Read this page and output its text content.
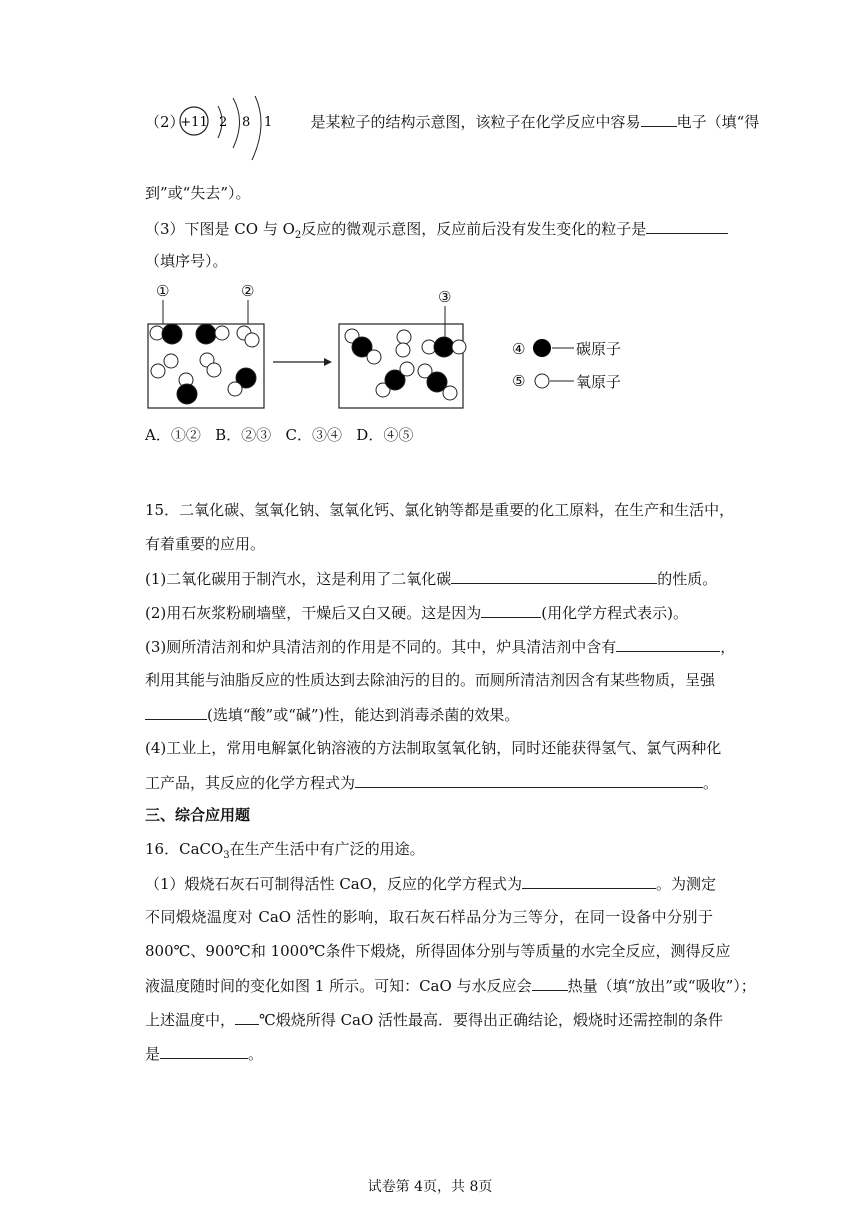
（2）	是某粒子的结构示意图，该粒子在化学反应中容易 电子（填“得
+11 2 8 1
到”或“失去”）。
（3）下图是 CO 与 $O_2$反应的微观示意图，反应前后没有发生变化的粒子是
（填序号）。
①	②	③
④	碳原子
⑤	氧原子
A．①② B．②③ C．③④ D．④⑤
15．二氧化碳、氢氧化钠、氢氧化钙、氯化钠等都是重要的化工原料，在生产和生活中，
有着重要的应用。
(1)二氧化碳用于制汽水，这是利用了二氧化碳	的性质。
(2)用石灰浆粉刷墙壁，干燥后又白又硬。这是因为	(用化学方程式表示)。
(3)厕所清洁剂和炉具清洁剂的作用是不同的。其中，炉具清洁剂中含有	，
利用其能与油脂反应的性质达到去除油污的目的。而厕所清洁剂因含有某些物质，呈强
(选填“酸”或“碱”)性，能达到消毒杀菌的效果。
(4)工业上，常用电解氯化钠溶液的方法制取氢氧化钠，同时还能获得氢气、氯气两种化
工产品，其反应的化学方程式为	。
三、综合应用题
16．CaCO$_3$在生产生活中有广泛的用途。
（1）煅烧石灰石可制得活性 CaO，反应的化学方程式为	。为测定
不同煅烧温度对 CaO 活性的影响，取石灰石样品分为三等分，在同一设备中分别于
800℃、900℃和 1000℃条件下煅烧，所得固体分别与等质量的水完全反应，测得反应
液温度随时间的变化如图 1 所示。可知：CaO 与水反应会 热量（填“放出”或“吸收”）；
上述温度中， ℃煅烧所得 CaO 活性最高．要得出正确结论，煅烧时还需控制的条件
是	。
试卷第 4页，共 8页
